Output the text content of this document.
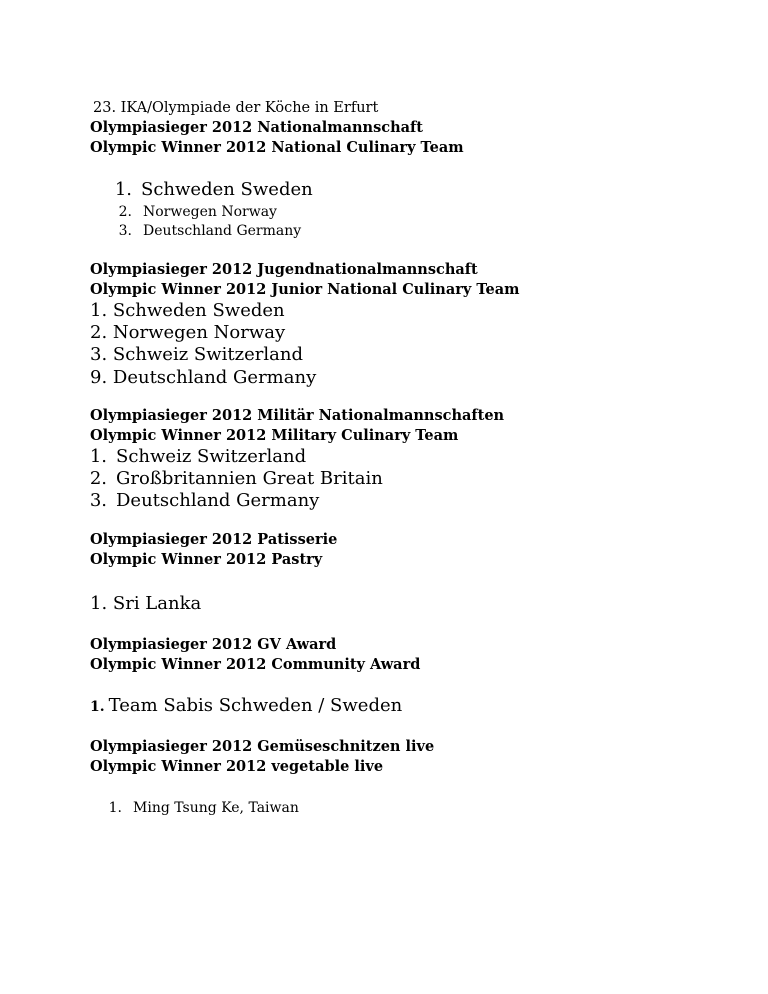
23. IKA/Olympiade der Köche in Erfurt
Olympiasieger 2012 Nationalmannschaft
Olympic Winner 2012 National Culinary Team
1. Schweden Sweden
2. Norwegen Norway
3. Deutschland Germany
Olympiasieger 2012 Jugendnationalmannschaft
Olympic Winner 2012 Junior National Culinary Team
1. Schweden Sweden
2. Norwegen Norway
3. Schweiz Switzerland
9. Deutschland Germany
Olympiasieger 2012 Militär Nationalmannschaften
Olympic Winner 2012 Military Culinary Team
1. Schweiz Switzerland
2. Großbritannien Great Britain
3. Deutschland Germany
Olympiasieger 2012 Patisserie
Olympic Winner 2012 Pastry
1. Sri Lanka
Olympiasieger 2012 GV Award
Olympic Winner 2012 Community Award
1. Team Sabis Schweden / Sweden
Olympiasieger 2012 Gemüseschnitzen live
Olympic Winner 2012 vegetable live
1. Ming Tsung Ke, Taiwan
